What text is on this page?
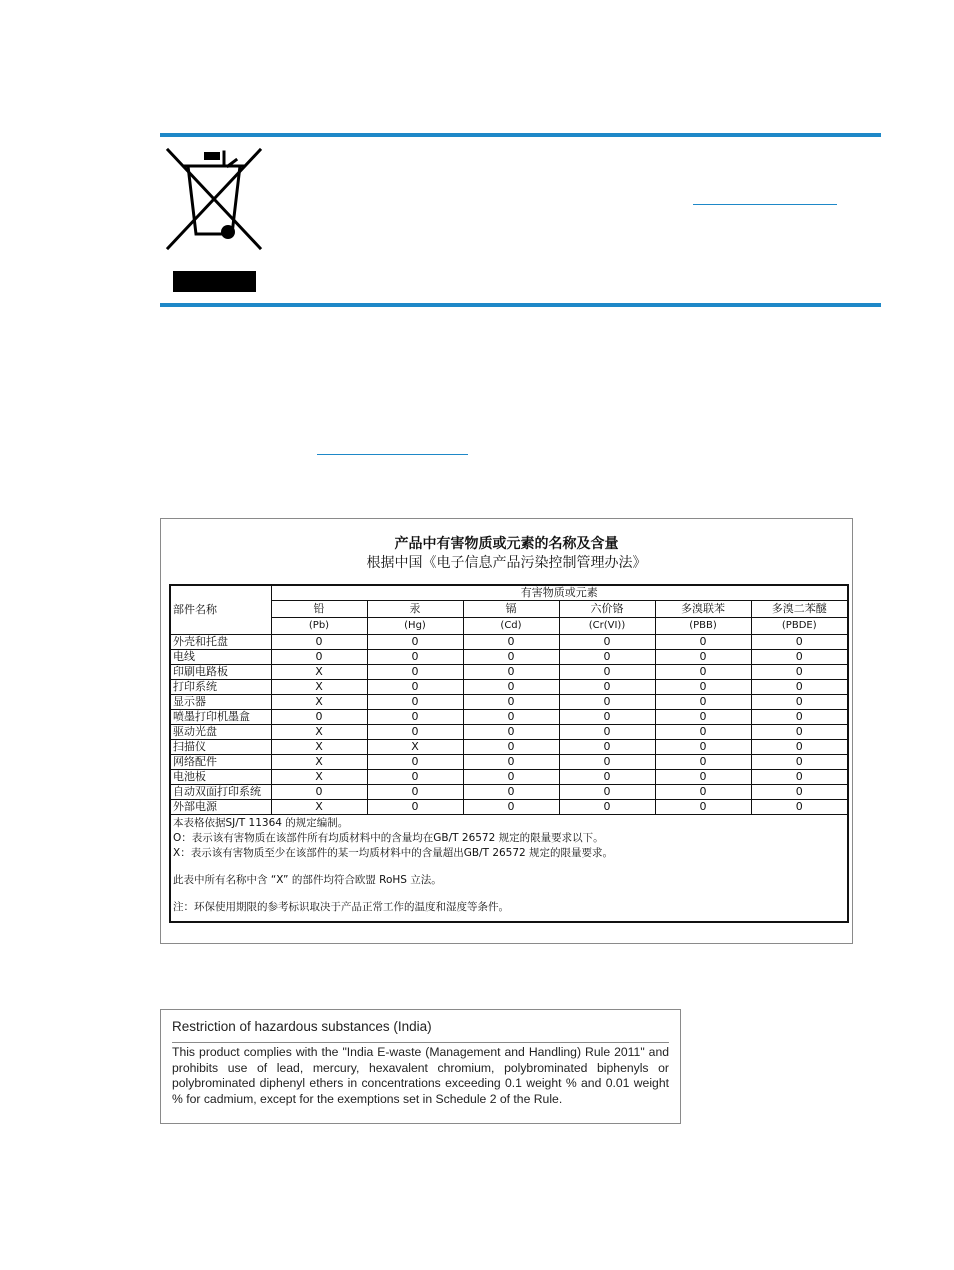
产品中有害物质或元素的名称及含量
根据中国《电子信息产品污染控制管理办法》
部件名称	有害物质或元素					
	铅	汞	镉	六价铬	多溴联苯	多溴二苯醚
	(Pb)	(Hg)	(Cd)	(Cr(VI))	(PBB)	(PBDE)
外壳和托盘	0	0	0	0	0	0
电线	0	0	0	0	0	0
印刷电路板	X	0	0	0	0	0
打印系统	X	0	0	0	0	0
显示器	X	0	0	0	0	0
喷墨打印机墨盒	0	0	0	0	0	0
驱动光盘	X	0	0	0	0	0
扫描仪	X	X	0	0	0	0
网络配件	X	0	0	0	0	0
电池板	X	0	0	0	0	0
自动双面打印系统	0	0	0	0	0	0
外部电源	X	0	0	0	0	0

本表格依据SJ/T 11364 的规定编制。
O：表示该有害物质在该部件所有均质材料中的含量均在GB/T 26572 规定的限量要求以下。
X：表示该有害物质至少在该部件的某一均质材料中的含量超出GB/T 26572 规定的限量要求。
此表中所有名称中含 “X” 的部件均符合欧盟 RoHS 立法。
注：环保使用期限的参考标识取决于产品正常工作的温度和湿度等条件。						
Restriction of hazardous substances (India)
This product complies with the "India E-waste (Management and Handling) Rule 2011" and prohibits use of lead, mercury, hexavalent chromium, polybrominated biphenyls or polybrominated diphenyl ethers in concentrations exceeding 0.1 weight % and 0.01 weight % for cadmium, except for the exemptions set in Schedule 2 of the Rule.
